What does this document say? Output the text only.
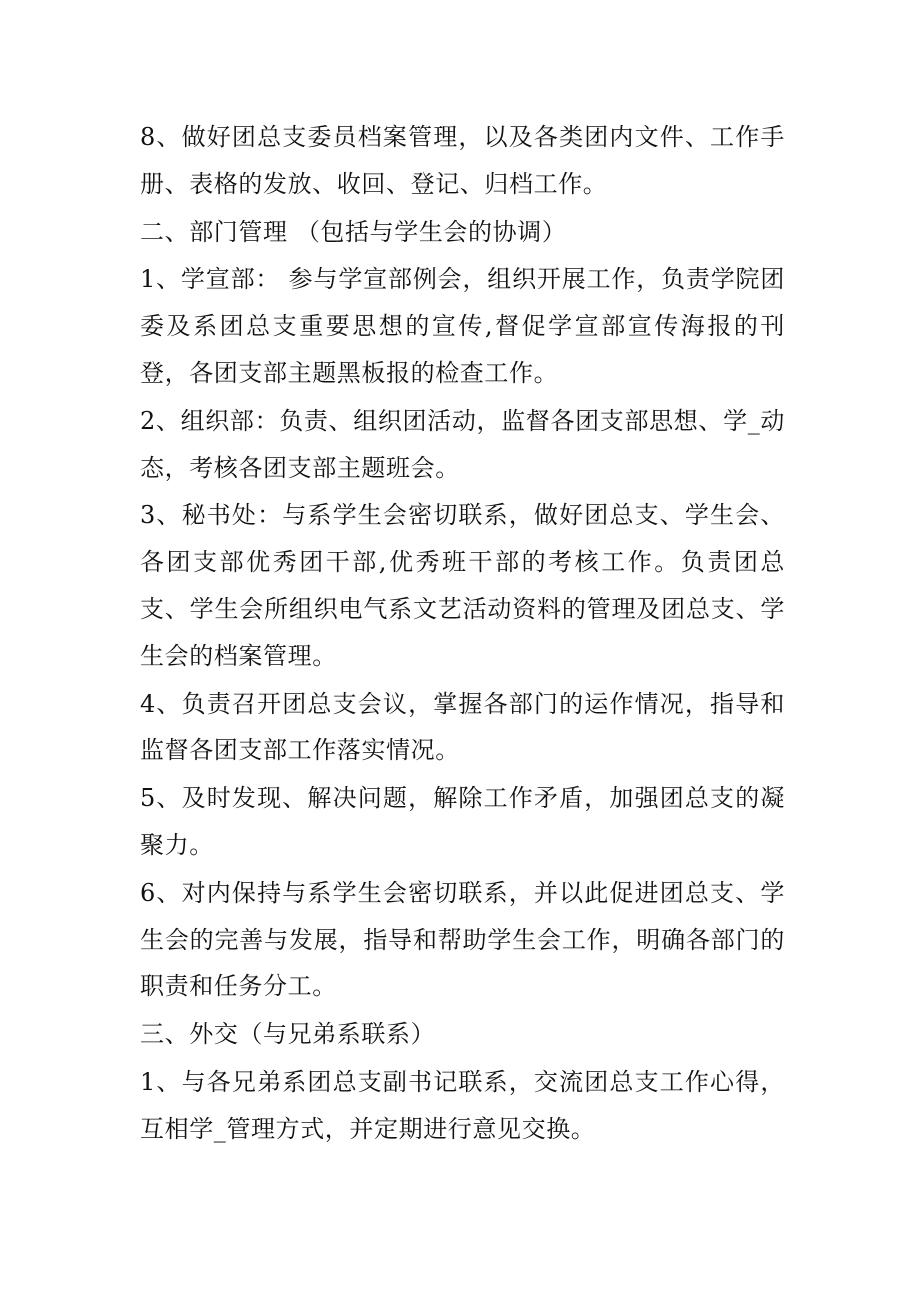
8、做好团总支委员档案管理，以及各类团内文件、工作手册、表格的发放、收回、登记、归档工作。

二、部门管理 （包括与学生会的协调）

1、学宣部： 参与学宣部例会，组织开展工作，负责学院团委及系团总支重要思想的宣传,督促学宣部宣传海报的刊登，各团支部主题黑板报的检查工作。

2、组织部：负责、组织团活动，监督各团支部思想、学_动态，考核各团支部主题班会。

3、秘书处：与系学生会密切联系，做好团总支、学生会、各团支部优秀团干部,优秀班干部的考核工作。负责团总支、学生会所组织电气系文艺活动资料的管理及团总支、学生会的档案管理。

4、负责召开团总支会议，掌握各部门的运作情况，指导和监督各团支部工作落实情况。

5、及时发现、解决问题，解除工作矛盾，加强团总支的凝聚力。

6、对内保持与系学生会密切联系，并以此促进团总支、学生会的完善与发展，指导和帮助学生会工作，明确各部门的职责和任务分工。

三、外交（与兄弟系联系）

1、与各兄弟系团总支副书记联系，交流团总支工作心得，互相学_管理方式，并定期进行意见交换。
